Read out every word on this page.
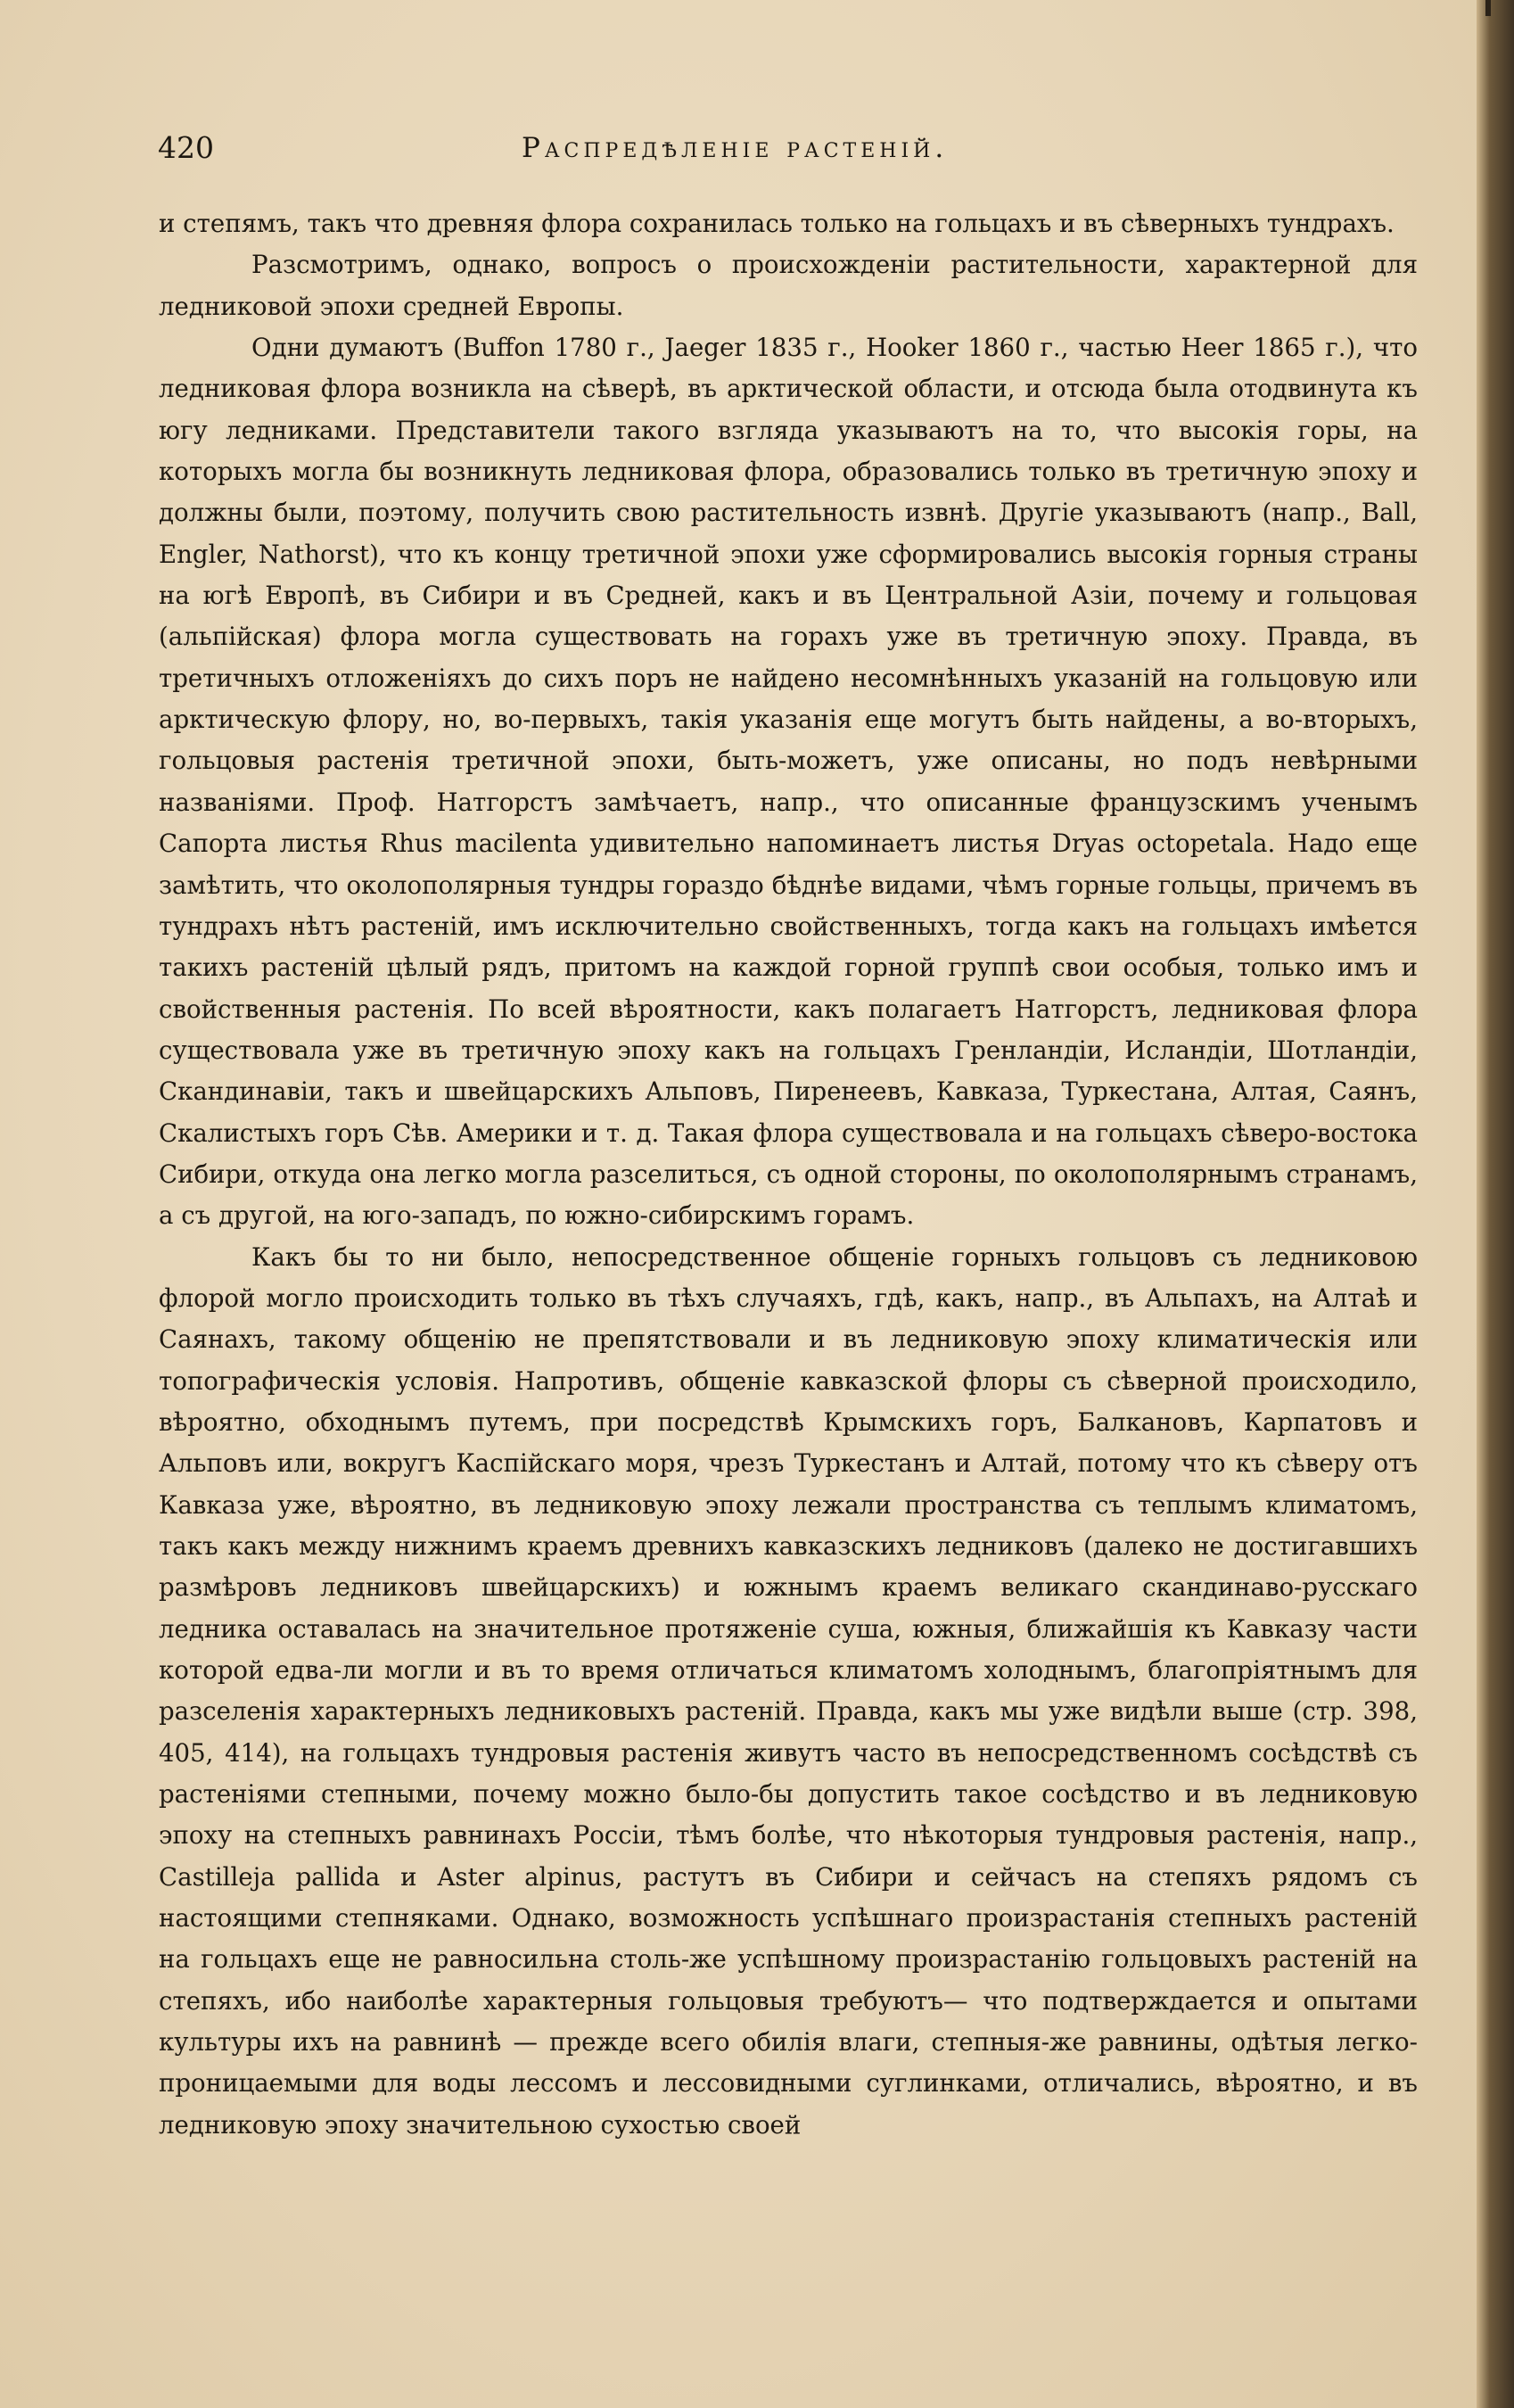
420	Распредѣленіе растеній.

и степямъ, такъ что древняя флора сохранилась только на гольцахъ и въ сѣверныхъ тундрахъ.

Разсмотримъ, однако, вопросъ о происхожденіи растительности, характерной для ледниковой эпохи средней Европы.

Одни думаютъ (Buffon 1780 г., Jaeger 1835 г., Hooker 1860 г., частью Heer 1865 г.), что ледниковая флора возникла на сѣверѣ, въ арктической области, и отсюда была отодвинута къ югу ледниками. Представители такого взгляда указываютъ на то, что высокія горы, на которыхъ могла бы возникнуть ледниковая флора, образовались только въ третичную эпоху и должны были, поэтому, получить свою растительность извнѣ. Другіе указываютъ (напр., Ball, Engler, Nathorst), что къ концу третичной эпохи уже сформировались высокія горныя страны на югѣ Европѣ, въ Сибири и въ Средней, какъ и въ Центральной Азіи, почему и гольцовая (альпійская) флора могла существовать на горахъ уже въ третичную эпоху. Правда, въ третичныхъ отложеніяхъ до сихъ поръ не найдено несомнѣнныхъ указаній на гольцовую или арктическую флору, но, во-первыхъ, такія указанія еще могутъ быть найдены, а во-вторыхъ, гольцовыя растенія третичной эпохи, быть-можетъ, уже описаны, но подъ невѣрными названіями. Проф. Натгорстъ замѣчаетъ, напр., что описанные французскимъ ученымъ Сапорта листья Rhus macilenta удивительно напоминаетъ листья Dryas octopetala. Надо еще замѣтить, что околополярныя тундры гораздо бѣднѣе видами, чѣмъ горные гольцы, причемъ въ тундрахъ нѣтъ растеній, имъ исключительно свойственныхъ, тогда какъ на гольцахъ имѣется такихъ растеній цѣлый рядъ, притомъ на каждой горной группѣ свои особыя, только имъ и свойственныя растенія. По всей вѣроятности, какъ полагаетъ Натгорстъ, ледниковая флора существовала уже въ третичную эпоху какъ на гольцахъ Гренландіи, Исландіи, Шотландіи, Скандинавіи, такъ и швейцарскихъ Альповъ, Пиренеевъ, Кавказа, Туркестана, Алтая, Саянъ, Скалистыхъ горъ Сѣв. Америки и т. д. Такая флора существовала и на гольцахъ сѣверо-востока Сибири, откуда она легко могла разселиться, съ одной стороны, по околополярнымъ странамъ, а съ другой, на юго-западъ, по южно-сибирскимъ горамъ.

Какъ бы то ни было, непосредственное общеніе горныхъ гольцовъ съ ледниковою флорой могло происходить только въ тѣхъ случаяхъ, гдѣ, какъ, напр., въ Альпахъ, на Алтаѣ и Саянахъ, такому общенію не препятствовали и въ ледниковую эпоху климатическія или топографическія условія. Напротивъ, общеніе кавказской флоры съ сѣверной происходило, вѣроятно, обходнымъ путемъ, при посредствѣ Крымскихъ горъ, Балкановъ, Карпатовъ и Альповъ или, вокругъ Каспійскаго моря, чрезъ Туркестанъ и Алтай, потому что къ сѣверу отъ Кавказа уже, вѣроятно, въ ледниковую эпоху лежали пространства съ теплымъ климатомъ, такъ какъ между нижнимъ краемъ древнихъ кавказскихъ ледниковъ (далеко не достигавшихъ размѣровъ ледниковъ швейцарскихъ) и южнымъ краемъ великаго скандинаво-русскаго ледника оставалась на значительное протяженіе суша, южныя, ближайшія къ Кавказу части которой едва-ли могли и въ то время отличаться климатомъ холоднымъ, благопріятнымъ для разселенія характерныхъ ледниковыхъ растеній. Правда, какъ мы уже видѣли выше (стр. 398, 405, 414), на гольцахъ тундровыя растенія живутъ часто въ непосредственномъ сосѣдствѣ съ растеніями степными, почему можно было-бы допустить такое сосѣдство и въ ледниковую эпоху на степныхъ равнинахъ Россіи, тѣмъ болѣе, что нѣкоторыя тундровыя растенія, напр., Castilleja pallida и Aster alpinus, растутъ въ Сибири и сейчасъ на степяхъ рядомъ съ настоящими степняками. Однако, возможность успѣшнаго произрастанія степныхъ растеній на гольцахъ еще не равносильна столь-же успѣшному произрастанію гольцовыхъ растеній на степяхъ, ибо наиболѣе характерныя гольцовыя требуютъ— что подтверждается и опытами культуры ихъ на равнинѣ — прежде всего обилія влаги, степныя-же равнины, одѣтыя легко-проницаемыми для воды лессомъ и лессовидными суглинками, отличались, вѣроятно, и въ ледниковую эпоху значительною сухостью своей
